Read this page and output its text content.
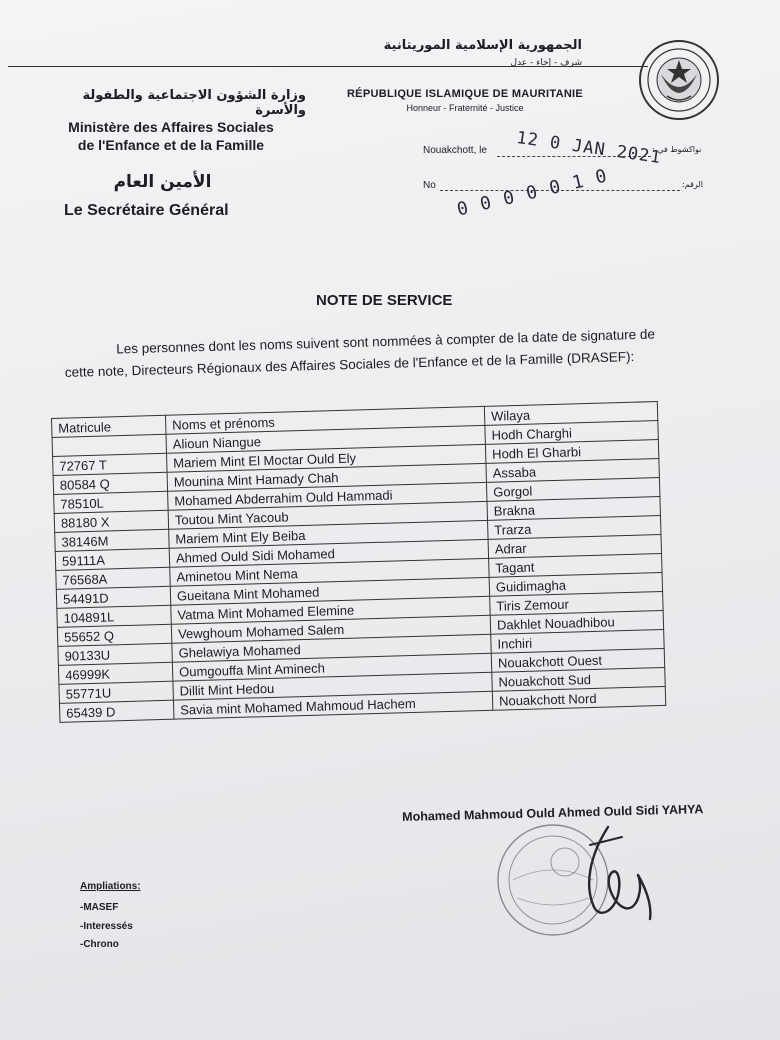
الجمهورية الإسلامية الموريتانية
شرف - إخاء - عدل
RÉPUBLIQUE ISLAMIQUE DE MAURITANIE
Honneur - Fraternité - Justice
وزارة الشؤون الاجتماعية والطفولة والأسرة
Ministère des Affaires Sociales
de l'Enfance et de la Famille
الأمين العام
Le Secrétaire Général
Nouakchott, le	نواكشوط في :
12 0 JAN 2021
No	الرقم:
0 0 0 0 0 1 0
NOTE DE SERVICE
Les personnes dont les noms suivent sont nommées à compter de la date de signature de cette note, Directeurs Régionaux des Affaires Sociales de l'Enfance et de la Famille (DRASEF):
Matricule	Noms et prénoms	Wilaya
	Alioun Niangue	Hodh Charghi
72767 T	Mariem Mint El Moctar Ould Ely	Hodh El Gharbi
80584 Q	Mounina Mint Hamady Chah	Assaba
78510L	Mohamed Abderrahim Ould Hammadi	Gorgol
88180 X	Toutou Mint Yacoub	Brakna
38146M	Mariem Mint Ely Beiba	Trarza
59111A	Ahmed Ould Sidi Mohamed	Adrar
76568A	Aminetou Mint Nema	Tagant
54491D	Gueitana Mint Mohamed	Guidimagha
104891L	Vatma Mint Mohamed Elemine	Tiris Zemour
55652 Q	Vewghoum Mohamed Salem	Dakhlet Nouadhibou
90133U	Ghelawiya Mohamed	Inchiri
46999K	Oumgouffa Mint Aminech	Nouakchott Ouest
55771U	Dillit Mint Hedou	Nouakchott Sud
65439 D	Savia mint Mohamed Mahmoud Hachem	Nouakchott Nord
Mohamed Mahmoud Ould Ahmed Ould Sidi YAHYA
Ampliations:
-MASEF
-Interessés
-Chrono
